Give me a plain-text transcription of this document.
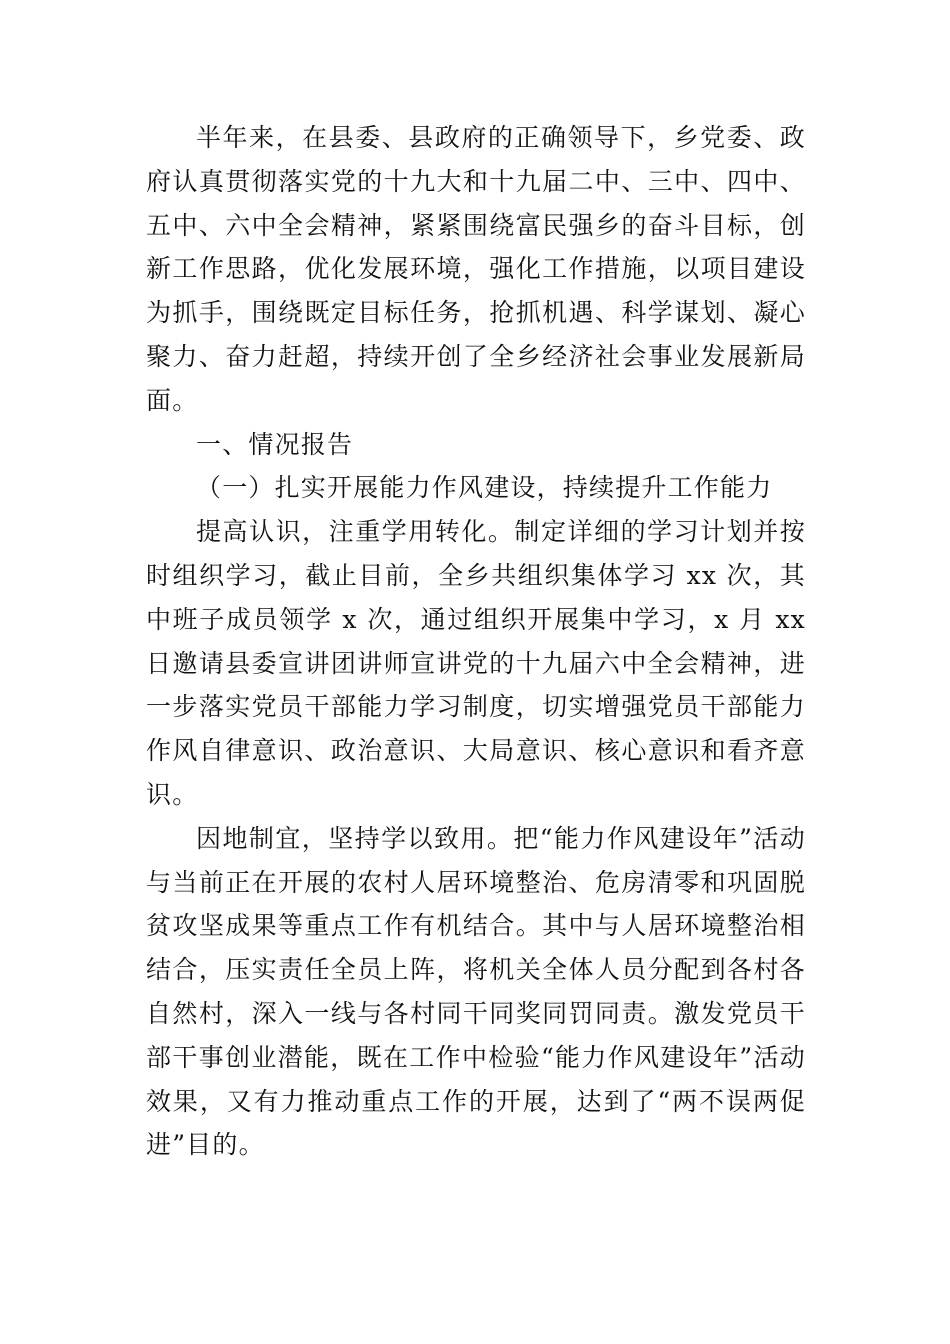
半年来，在县委、县政府的正确领导下，乡党委、政府认真贯彻落实党的十九大和十九届二中、三中、四中、五中、六中全会精神，紧紧围绕富民强乡的奋斗目标，创新工作思路，优化发展环境，强化工作措施，以项目建设为抓手，围绕既定目标任务，抢抓机遇、科学谋划、凝心聚力、奋力赶超，持续开创了全乡经济社会事业发展新局面。

一、情况报告

（一）扎实开展能力作风建设，持续提升工作能力

提高认识，注重学用转化。制定详细的学习计划并按时组织学习，截止目前，全乡共组织集体学习 xx 次，其中班子成员领学 x 次，通过组织开展集中学习，x 月 xx 日邀请县委宣讲团讲师宣讲党的十九届六中全会精神，进一步落实党员干部能力学习制度，切实增强党员干部能力作风自律意识、政治意识、大局意识、核心意识和看齐意识。

因地制宜，坚持学以致用。把“能力作风建设年”活动与当前正在开展的农村人居环境整治、危房清零和巩固脱贫攻坚成果等重点工作有机结合。其中与人居环境整治相结合，压实责任全员上阵，将机关全体人员分配到各村各自然村，深入一线与各村同干同奖同罚同责。激发党员干部干事创业潜能，既在工作中检验“能力作风建设年”活动效果，又有力推动重点工作的开展，达到了“两不误两促进”目的。
